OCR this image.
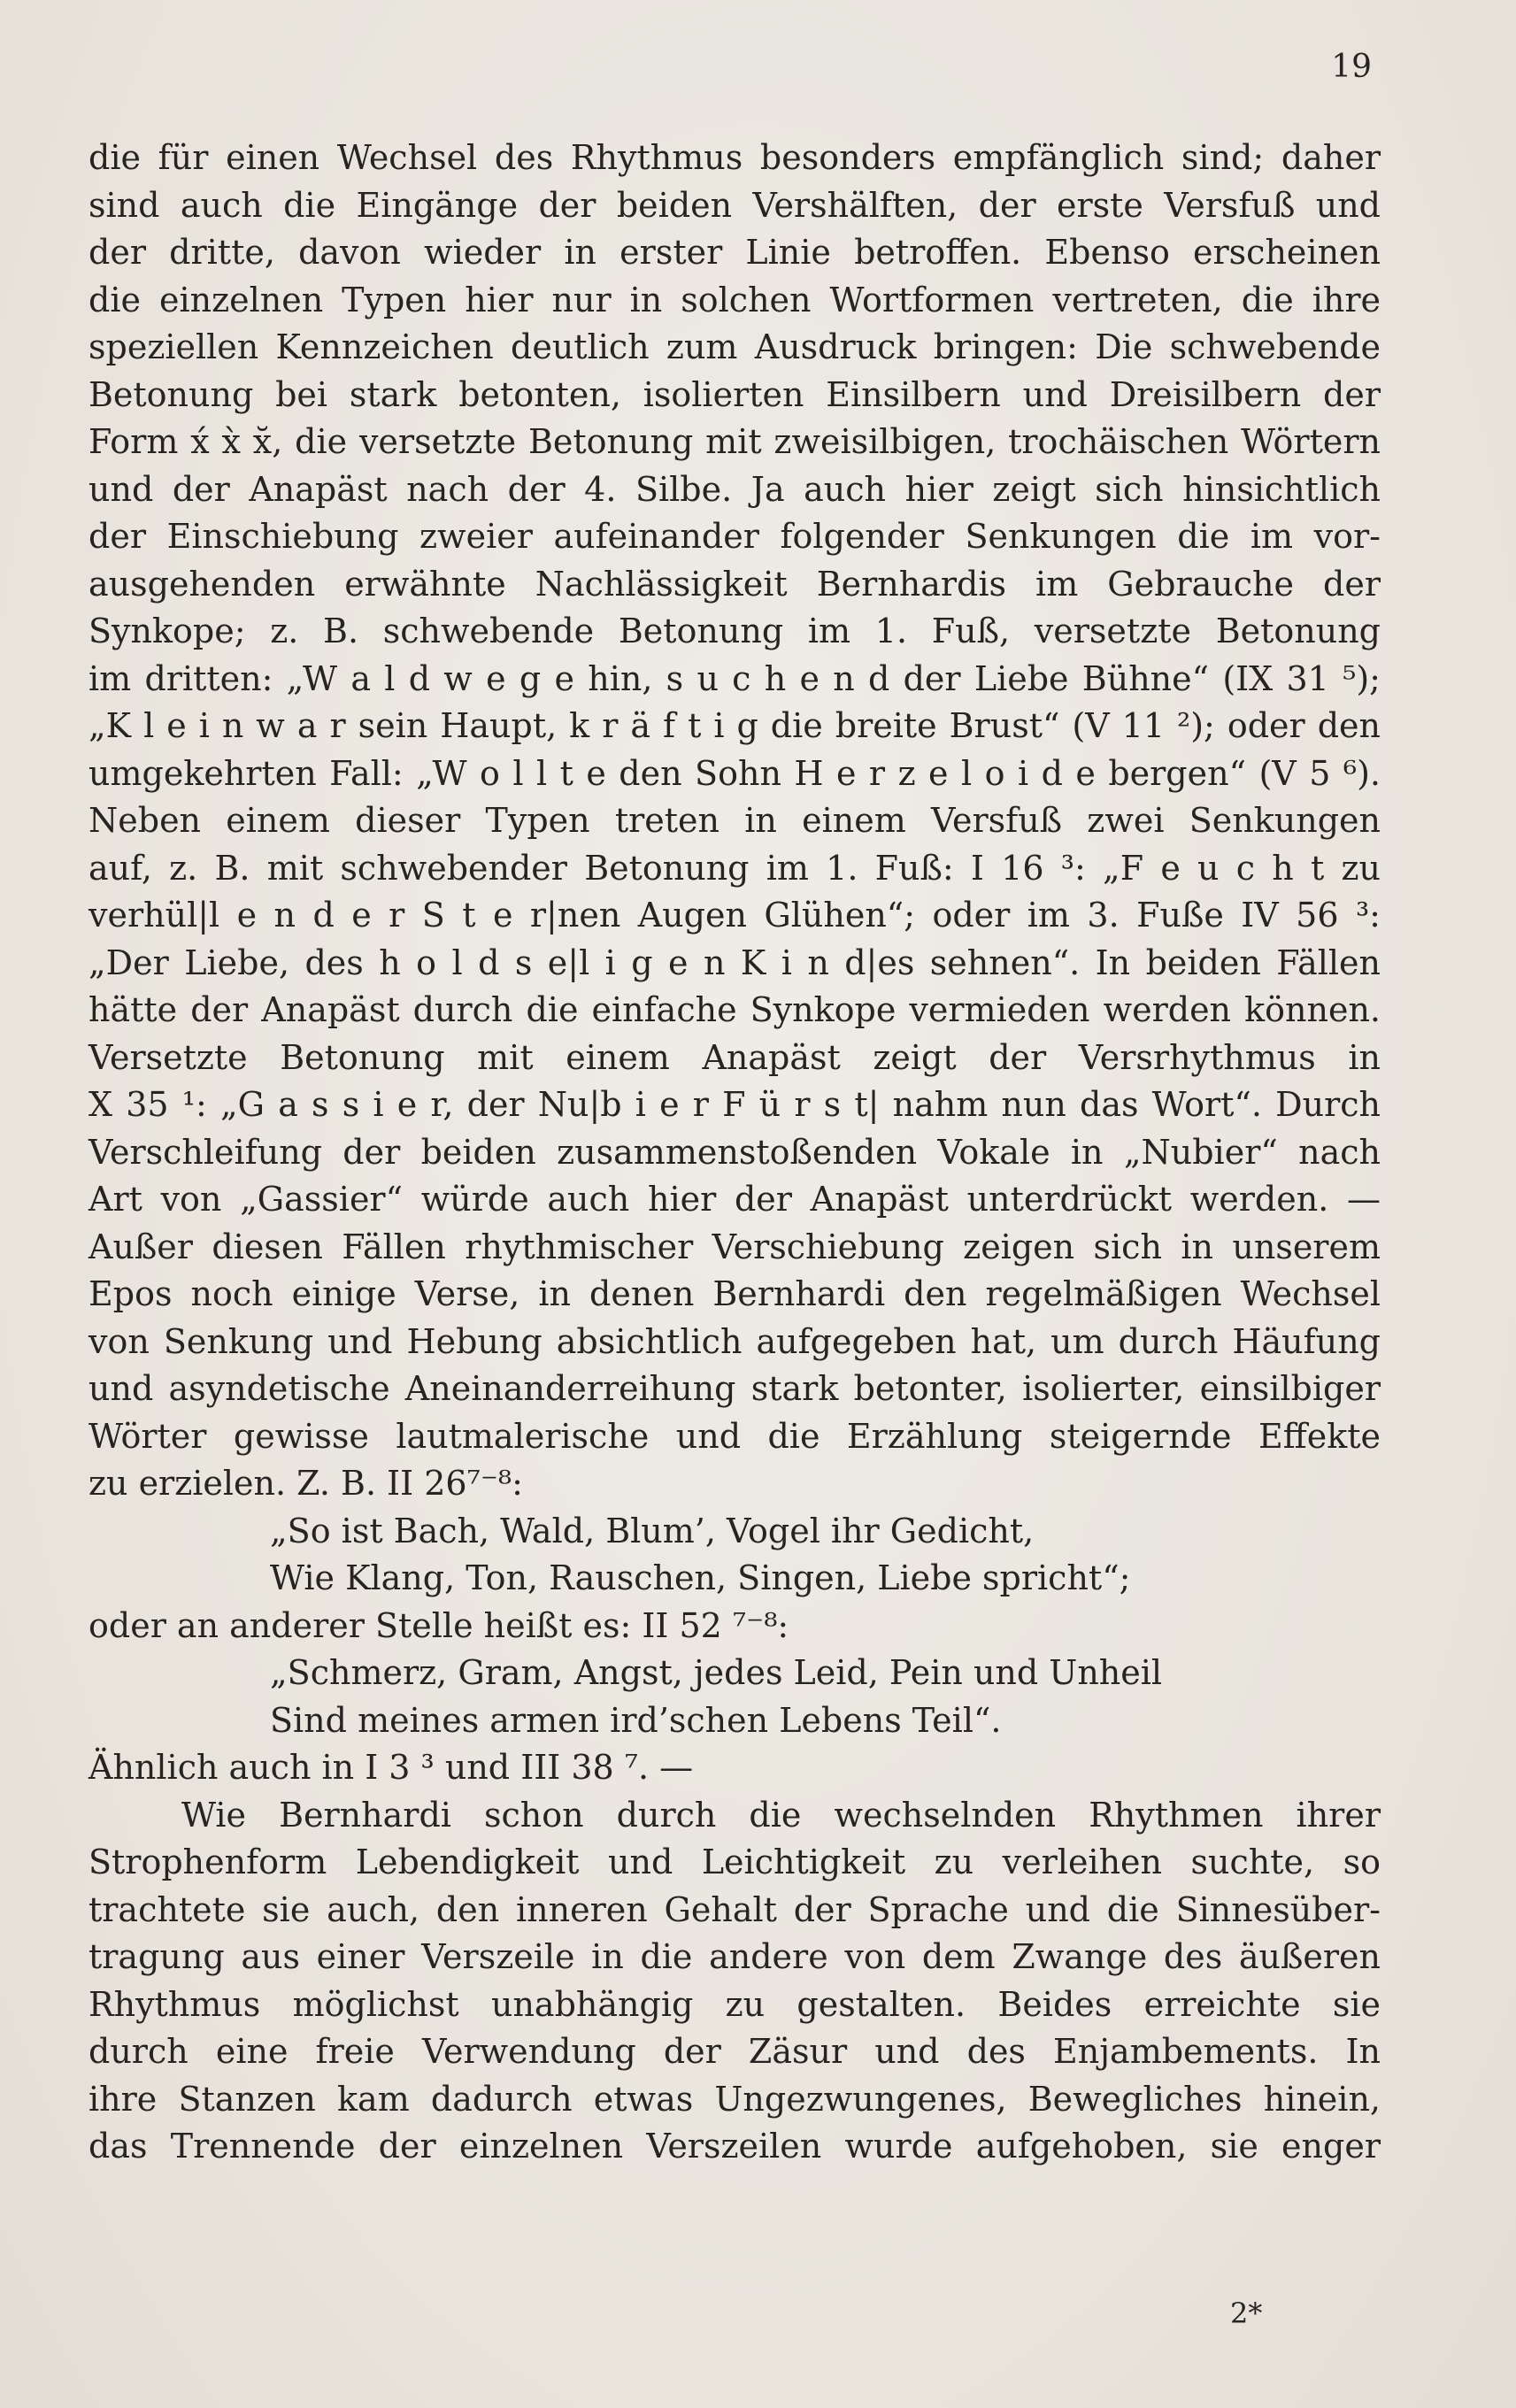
19
die für einen Wechsel des Rhythmus besonders empfänglich sind; daher
sind auch die Eingänge der beiden Vershälften, der erste Versfuß und
der dritte, davon wieder in erster Linie betroffen. Ebenso erscheinen
die einzelnen Typen hier nur in solchen Wortformen vertreten, die ihre
speziellen Kennzeichen deutlich zum Ausdruck bringen: Die schwebende
Betonung bei stark betonten, isolierten Einsilbern und Dreisilbern der
Form x́ x̀ x̆, die versetzte Betonung mit zweisilbigen, trochäischen Wörtern
und der Anapäst nach der 4. Silbe. Ja auch hier zeigt sich hinsichtlich
der Einschiebung zweier aufeinander folgender Senkungen die im vor-
ausgehenden erwähnte Nachlässigkeit Bernhardis im Gebrauche der
Synkope; z. B. schwebende Betonung im 1. Fuß, versetzte Betonung
im dritten: „W a l d w e g e hin, s u c h e n d der Liebe Bühne“ (IX 31 ⁵);
„K l e i n w a r sein Haupt, k r ä f t i g die breite Brust“ (V 11 ²); oder den
umgekehrten Fall: „W o l l t e den Sohn H e r z e l o i d e bergen“ (V 5 ⁶).
Neben einem dieser Typen treten in einem Versfuß zwei Senkungen
auf, z. B. mit schwebender Betonung im 1. Fuß: I 16 ³: „F e u c h t zu
verhül|l e n d e r S t e r|nen Augen Glühen“; oder im 3. Fuße IV 56 ³:
„Der Liebe, des h o l d s e|l i g e n K i n d|es sehnen“. In beiden Fällen
hätte der Anapäst durch die einfache Synkope vermieden werden können.
Versetzte Betonung mit einem Anapäst zeigt der Versrhythmus in
X 35 ¹: „G a s s i e r, der Nu|b i e r F ü r s t| nahm nun das Wort“. Durch
Verschleifung der beiden zusammenstoßenden Vokale in „Nubier“ nach
Art von „Gassier“ würde auch hier der Anapäst unterdrückt werden. —
Außer diesen Fällen rhythmischer Verschiebung zeigen sich in unserem
Epos noch einige Verse, in denen Bernhardi den regelmäßigen Wechsel
von Senkung und Hebung absichtlich aufgegeben hat, um durch Häufung
und asyndetische Aneinanderreihung stark betonter, isolierter, einsilbiger
Wörter gewisse lautmalerische und die Erzählung steigernde Effekte
zu erzielen. Z. B. II 26⁷⁻⁸:
„So ist Bach, Wald, Blum’, Vogel ihr Gedicht,
Wie Klang, Ton, Rauschen, Singen, Liebe spricht“;
oder an anderer Stelle heißt es: II 52 ⁷⁻⁸:
„Schmerz, Gram, Angst, jedes Leid, Pein und Unheil
Sind meines armen ird’schen Lebens Teil“.
Ähnlich auch in I 3 ³ und III 38 ⁷. —
Wie Bernhardi schon durch die wechselnden Rhythmen ihrer
Strophenform Lebendigkeit und Leichtigkeit zu verleihen suchte, so
trachtete sie auch, den inneren Gehalt der Sprache und die Sinnesüber-
tragung aus einer Verszeile in die andere von dem Zwange des äußeren
Rhythmus möglichst unabhängig zu gestalten. Beides erreichte sie
durch eine freie Verwendung der Zäsur und des Enjambements. In
ihre Stanzen kam dadurch etwas Ungezwungenes, Bewegliches hinein,
das Trennende der einzelnen Verszeilen wurde aufgehoben, sie enger
2*
